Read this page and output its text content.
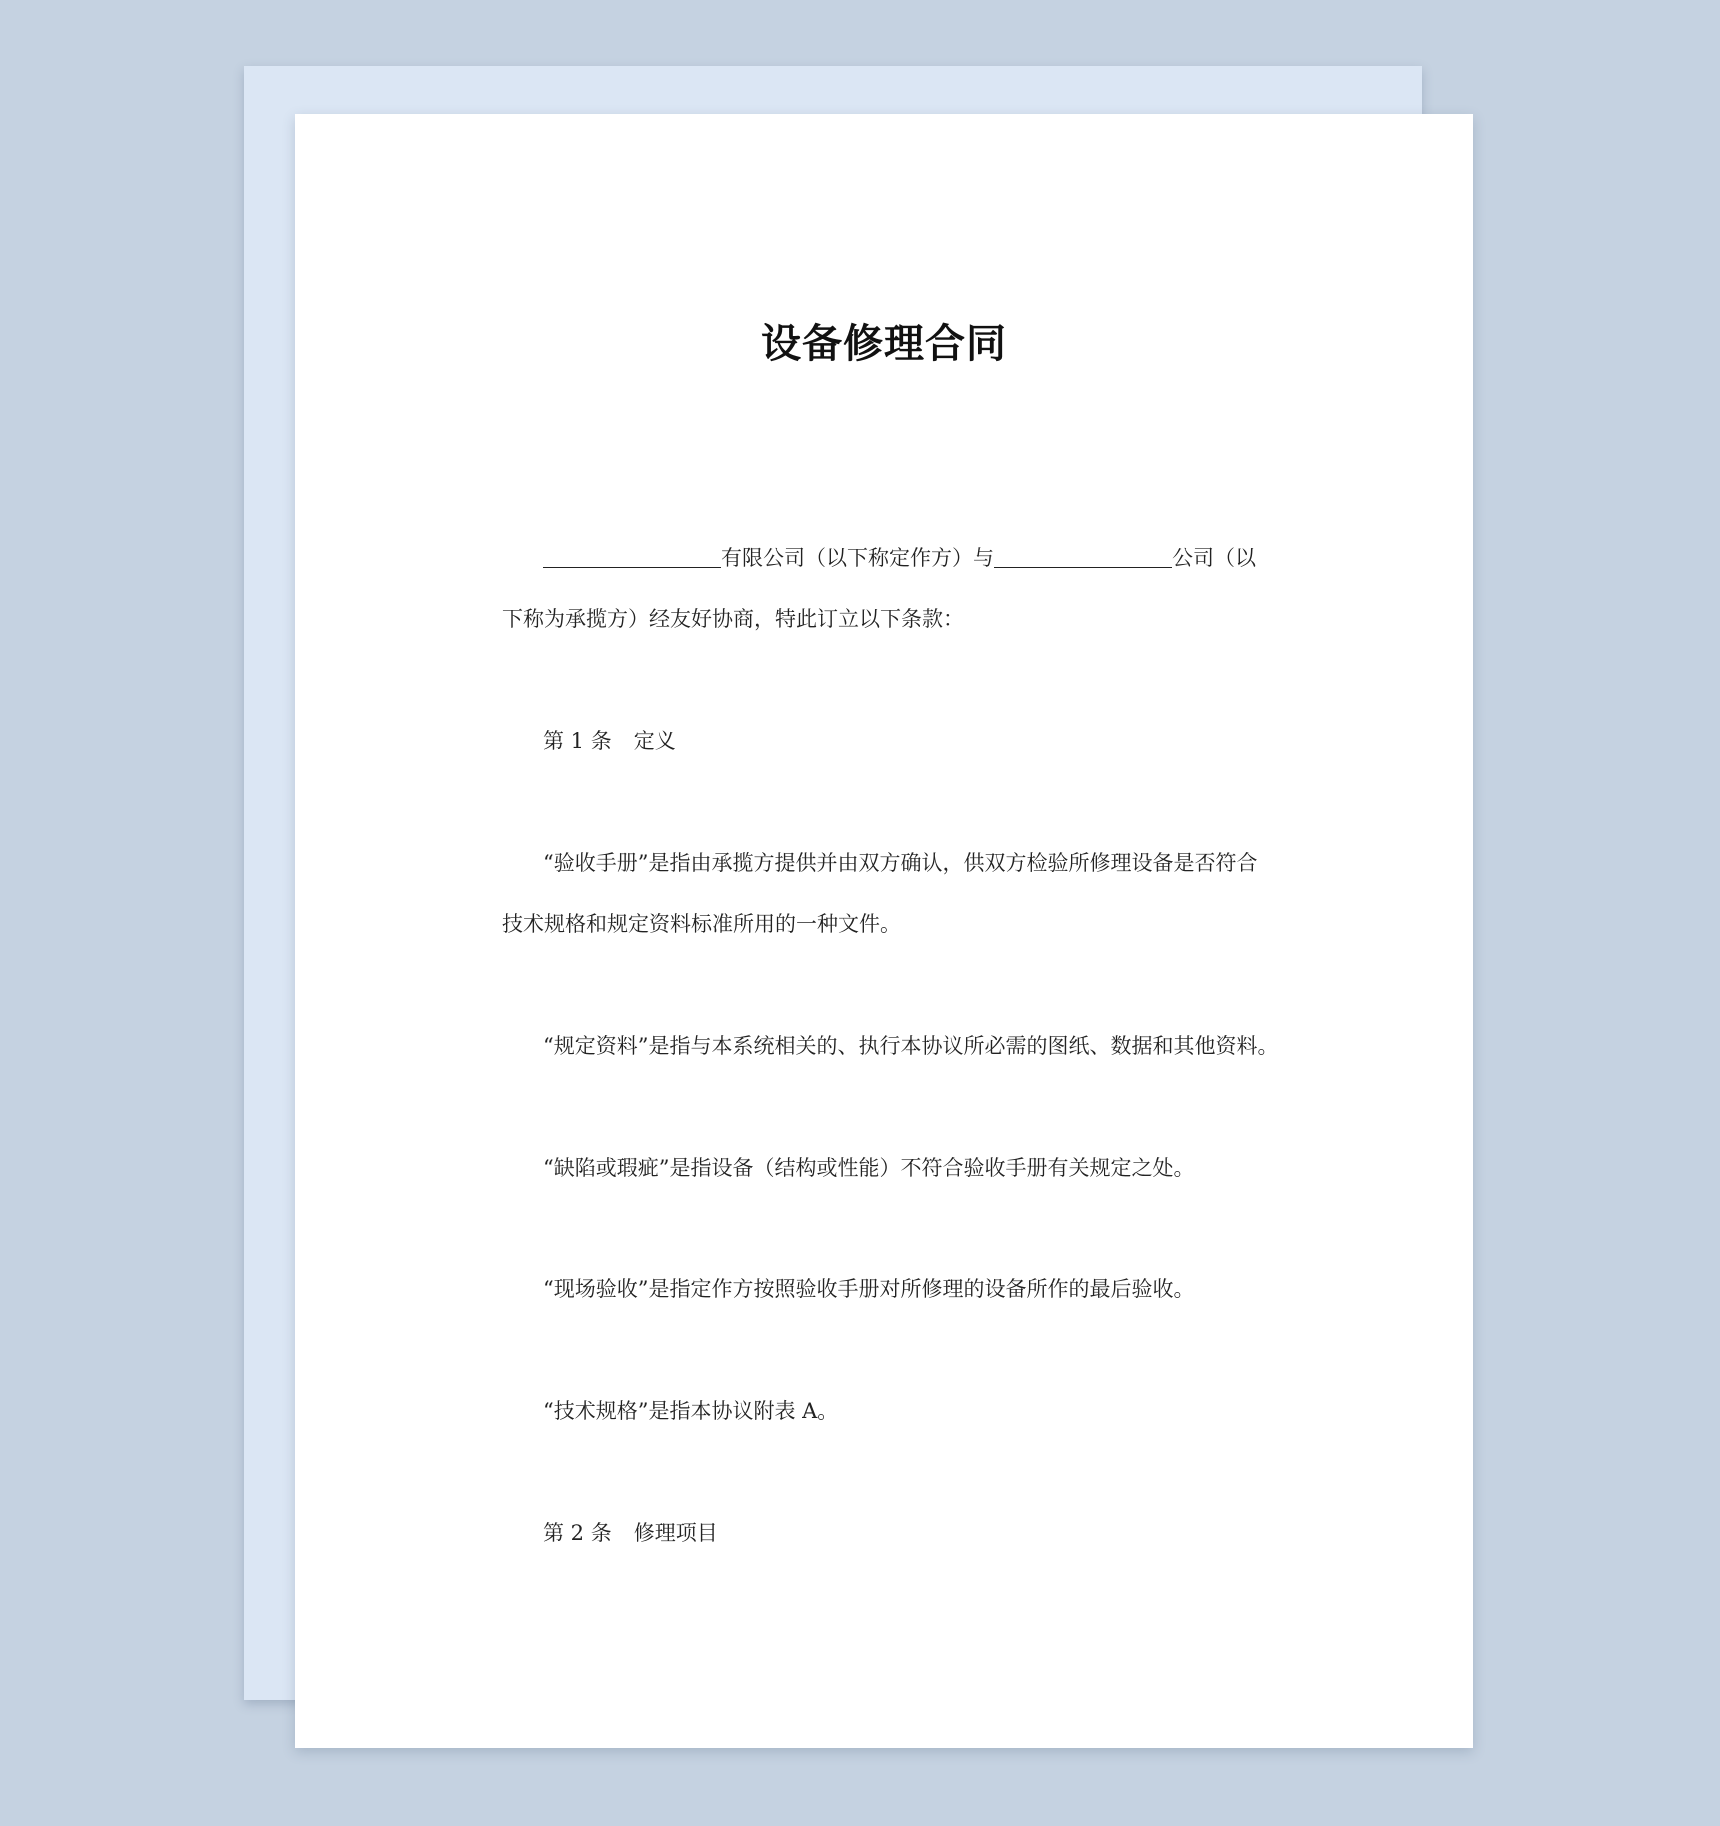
设备修理合同
有限公司（以下称定作方）与	公司（以
下称为承揽方）经友好协商，特此订立以下条款：
第 1 条 定义
“验收手册”是指由承揽方提供并由双方确认，供双方检验所修理设备是否符合
技术规格和规定资料标准所用的一种文件。
“规定资料”是指与本系统相关的、执行本协议所必需的图纸、数据和其他资料。
“缺陷或瑕疵”是指设备（结构或性能）不符合验收手册有关规定之处。
“现场验收”是指定作方按照验收手册对所修理的设备所作的最后验收。
“技术规格”是指本协议附表 A。
第 2 条 修理项目
